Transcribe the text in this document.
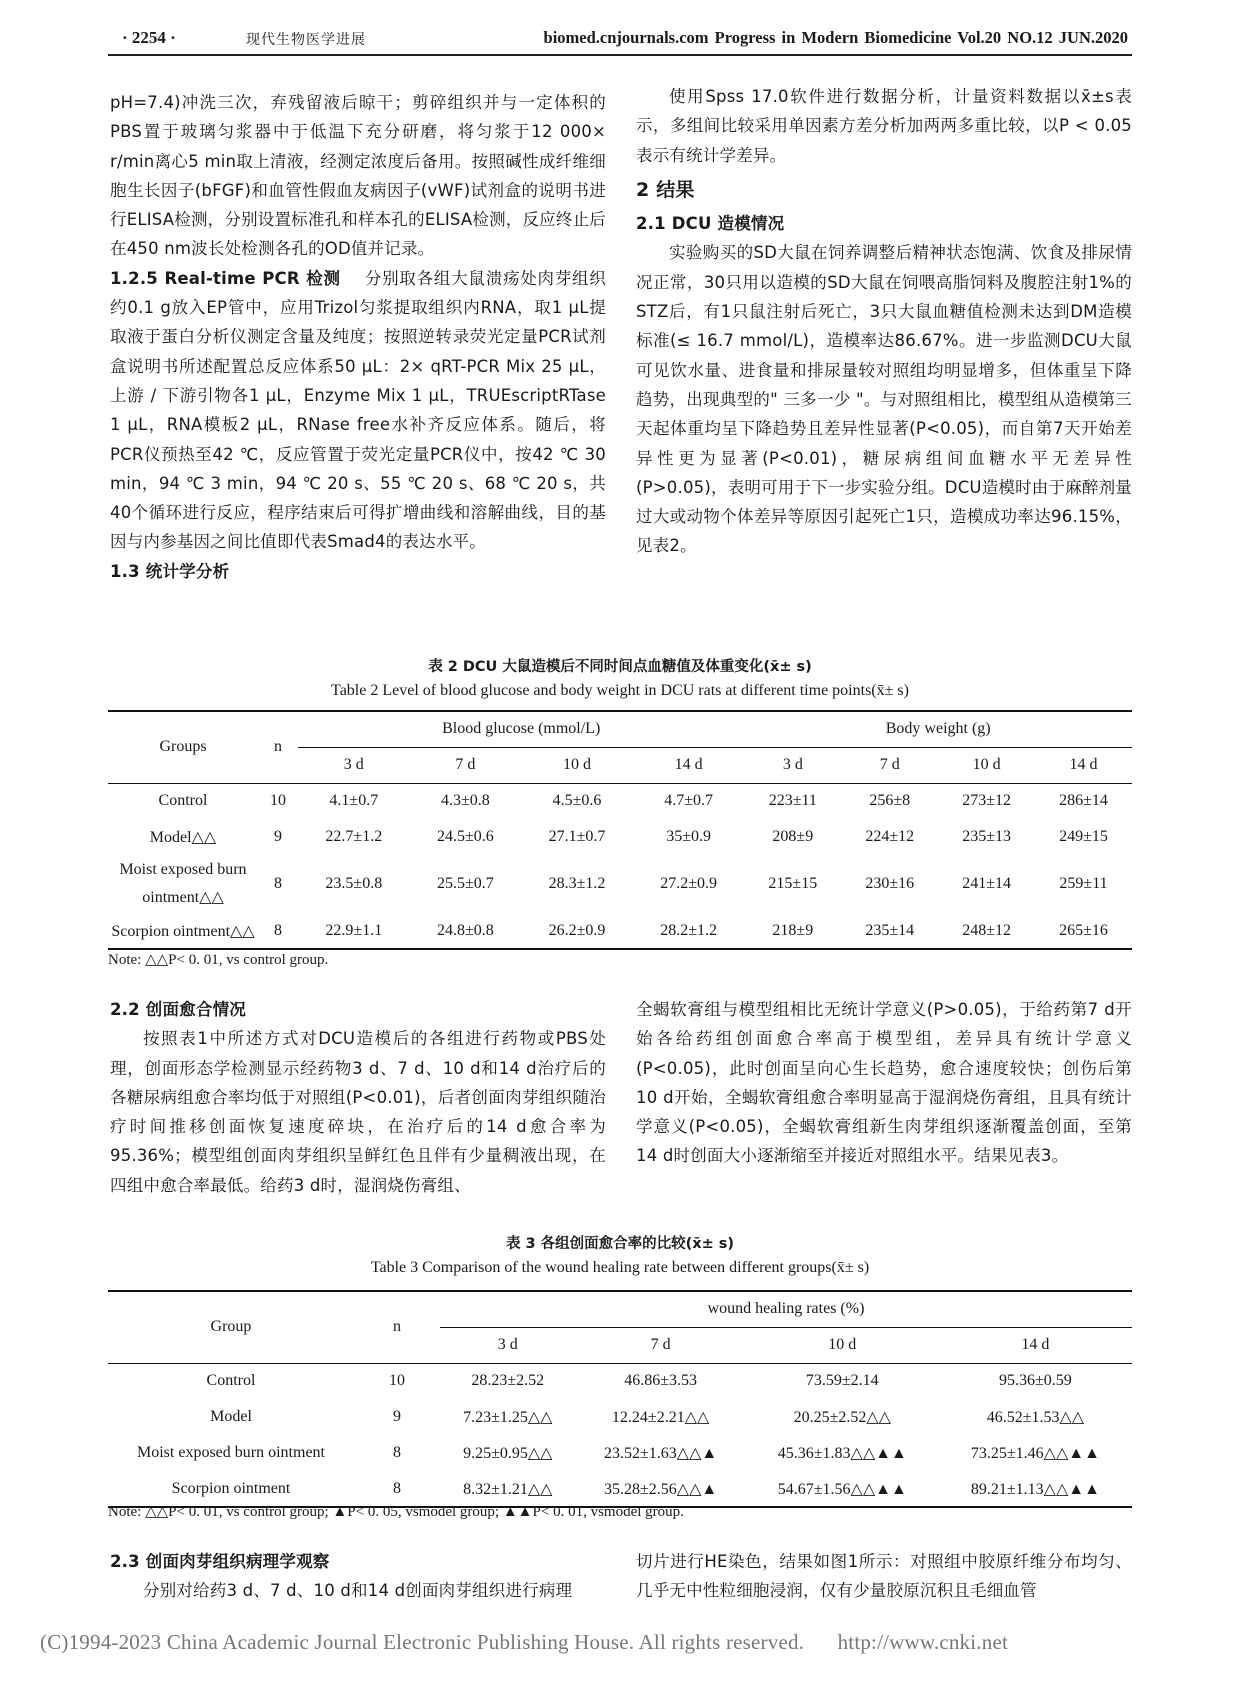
· 2254 ·	现代生物医学进展	biomed.cnjournals.com Progress in Modern Biomedicine Vol.20 NO.12 JUN.2020

pH=7.4)冲洗三次，弃残留液后晾干；剪碎组织并与一定体积的PBS置于玻璃匀浆器中于低温下充分研磨，将匀浆于12 000× r/min离心5 min取上清液，经测定浓度后备用。按照碱性成纤维细胞生长因子(bFGF)和血管性假血友病因子(vWF)试剂盒的说明书进行ELISA检测，分别设置标准孔和样本孔的ELISA检测，反应终止后在450 nm波长处检测各孔的OD值并记录。

1.2.5 Real-time PCR 检测 分别取各组大鼠溃疡处肉芽组织约0.1 g放入EP管中，应用Trizol匀浆提取组织内RNA，取1 μL提取液于蛋白分析仪测定含量及纯度；按照逆转录荧光定量PCR试剂盒说明书所述配置总反应体系50 μL：2× qRT-PCR Mix 25 μL，上游 / 下游引物各1 μL，Enzyme Mix 1 μL，TRUEscriptRTase 1 μL，RNA模板2 μL，RNase free水补齐反应体系。随后，将PCR仪预热至42 ℃，反应管置于荧光定量PCR仪中，按42 ℃ 30 min，94 ℃ 3 min，94 ℃ 20 s、55 ℃ 20 s、68 ℃ 20 s，共40个循环进行反应，程序结束后可得扩增曲线和溶解曲线，目的基因与内参基因之间比值即代表Smad4的表达水平。

1.3 统计学分析

使用Spss 17.0软件进行数据分析，计量资料数据以x̄±s表示，多组间比较采用单因素方差分析加两两多重比较，以P < 0.05表示有统计学差异。

2 结果

2.1 DCU 造模情况

实验购买的SD大鼠在饲养调整后精神状态饱满、饮食及排尿情况正常，30只用以造模的SD大鼠在饲喂高脂饲料及腹腔注射1%的STZ后，有1只鼠注射后死亡，3只大鼠血糖值检测未达到DM造模标准(≤ 16.7 mmol/L)，造模率达86.67%。进一步监测DCU大鼠可见饮水量、进食量和排尿量较对照组均明显增多，但体重呈下降趋势，出现典型的" 三多一少 "。与对照组相比，模型组从造模第三天起体重均呈下降趋势且差异性显著(P<0.05)，而自第7天开始差异性更为显著(P<0.01)，糖尿病组间血糖水平无差异性(P>0.05)，表明可用于下一步实验分组。DCU造模时由于麻醉剂量过大或动物个体差异等原因引起死亡1只，造模成功率达96.15%，见表2。

表 2 DCU 大鼠造模后不同时间点血糖值及体重变化(x̄± s)
Table 2 Level of blood glucose and body weight in DCU rats at different time points(x̄± s)
Groups	n	Blood glucose (mmol/L)				Body weight (g)			
		3 d	7 d	10 d	14 d	3 d	7 d	10 d	14 d
Control	10	4.1±0.7	4.3±0.8	4.5±0.6	4.7±0.7	223±11	256±8	273±12	286±14
Model△△	9	22.7±1.2	24.5±0.6	27.1±0.7	35±0.9	208±9	224±12	235±13	249±15
Moist exposed burn
ointment△△	8	23.5±0.8	25.5±0.7	28.3±1.2	27.2±0.9	215±15	230±16	241±14	259±11
Scorpion ointment△△	8	22.9±1.1	24.8±0.8	26.2±0.9	28.2±1.2	218±9	235±14	248±12	265±16
Note: △△P< 0. 01, vs control group.

2.2 创面愈合情况

按照表1中所述方式对DCU造模后的各组进行药物或PBS处理，创面形态学检测显示经药物3 d、7 d、10 d和14 d治疗后的各糖尿病组愈合率均低于对照组(P<0.01)，后者创面肉芽组织随治疗时间推移创面恢复速度碎块，在治疗后的14 d愈合率为95.36%；模型组创面肉芽组织呈鲜红色且伴有少量稠液出现，在四组中愈合率最低。给药3 d时，湿润烧伤膏组、

全蝎软膏组与模型组相比无统计学意义(P>0.05)，于给药第7 d开始各给药组创面愈合率高于模型组，差异具有统计学意义(P<0.05)，此时创面呈向心生长趋势，愈合速度较快；创伤后第10 d开始，全蝎软膏组愈合率明显高于湿润烧伤膏组，且具有统计学意义(P<0.05)，全蝎软膏组新生肉芽组织逐渐覆盖创面，至第14 d时创面大小逐渐缩至并接近对照组水平。结果见表3。

表 3 各组创面愈合率的比较(x̄± s)
Table 3 Comparison of the wound healing rate between different groups(x̄± s)
Group	n	wound healing rates (%)			
		3 d	7 d	10 d	14 d
Control	10	28.23±2.52	46.86±3.53	73.59±2.14	95.36±0.59
Model	9	7.23±1.25△△	12.24±2.21△△	20.25±2.52△△	46.52±1.53△△
Moist exposed burn ointment	8	9.25±0.95△△	23.52±1.63△△▲	45.36±1.83△△▲▲	73.25±1.46△△▲▲
Scorpion ointment	8	8.32±1.21△△	35.28±2.56△△▲	54.67±1.56△△▲▲	89.21±1.13△△▲▲
Note: △△P< 0. 01, vs control group; ▲P< 0. 05, vsmodel group; ▲▲P< 0. 01, vsmodel group.

2.3 创面肉芽组织病理学观察

分别对给药3 d、7 d、10 d和14 d创面肉芽组织进行病理

切片进行HE染色，结果如图1所示：对照组中胶原纤维分布均匀、几乎无中性粒细胞浸润，仅有少量胶原沉积且毛细血管

(C)1994-2023 China Academic Journal Electronic Publishing House. All rights reserved. http://www.cnki.net
